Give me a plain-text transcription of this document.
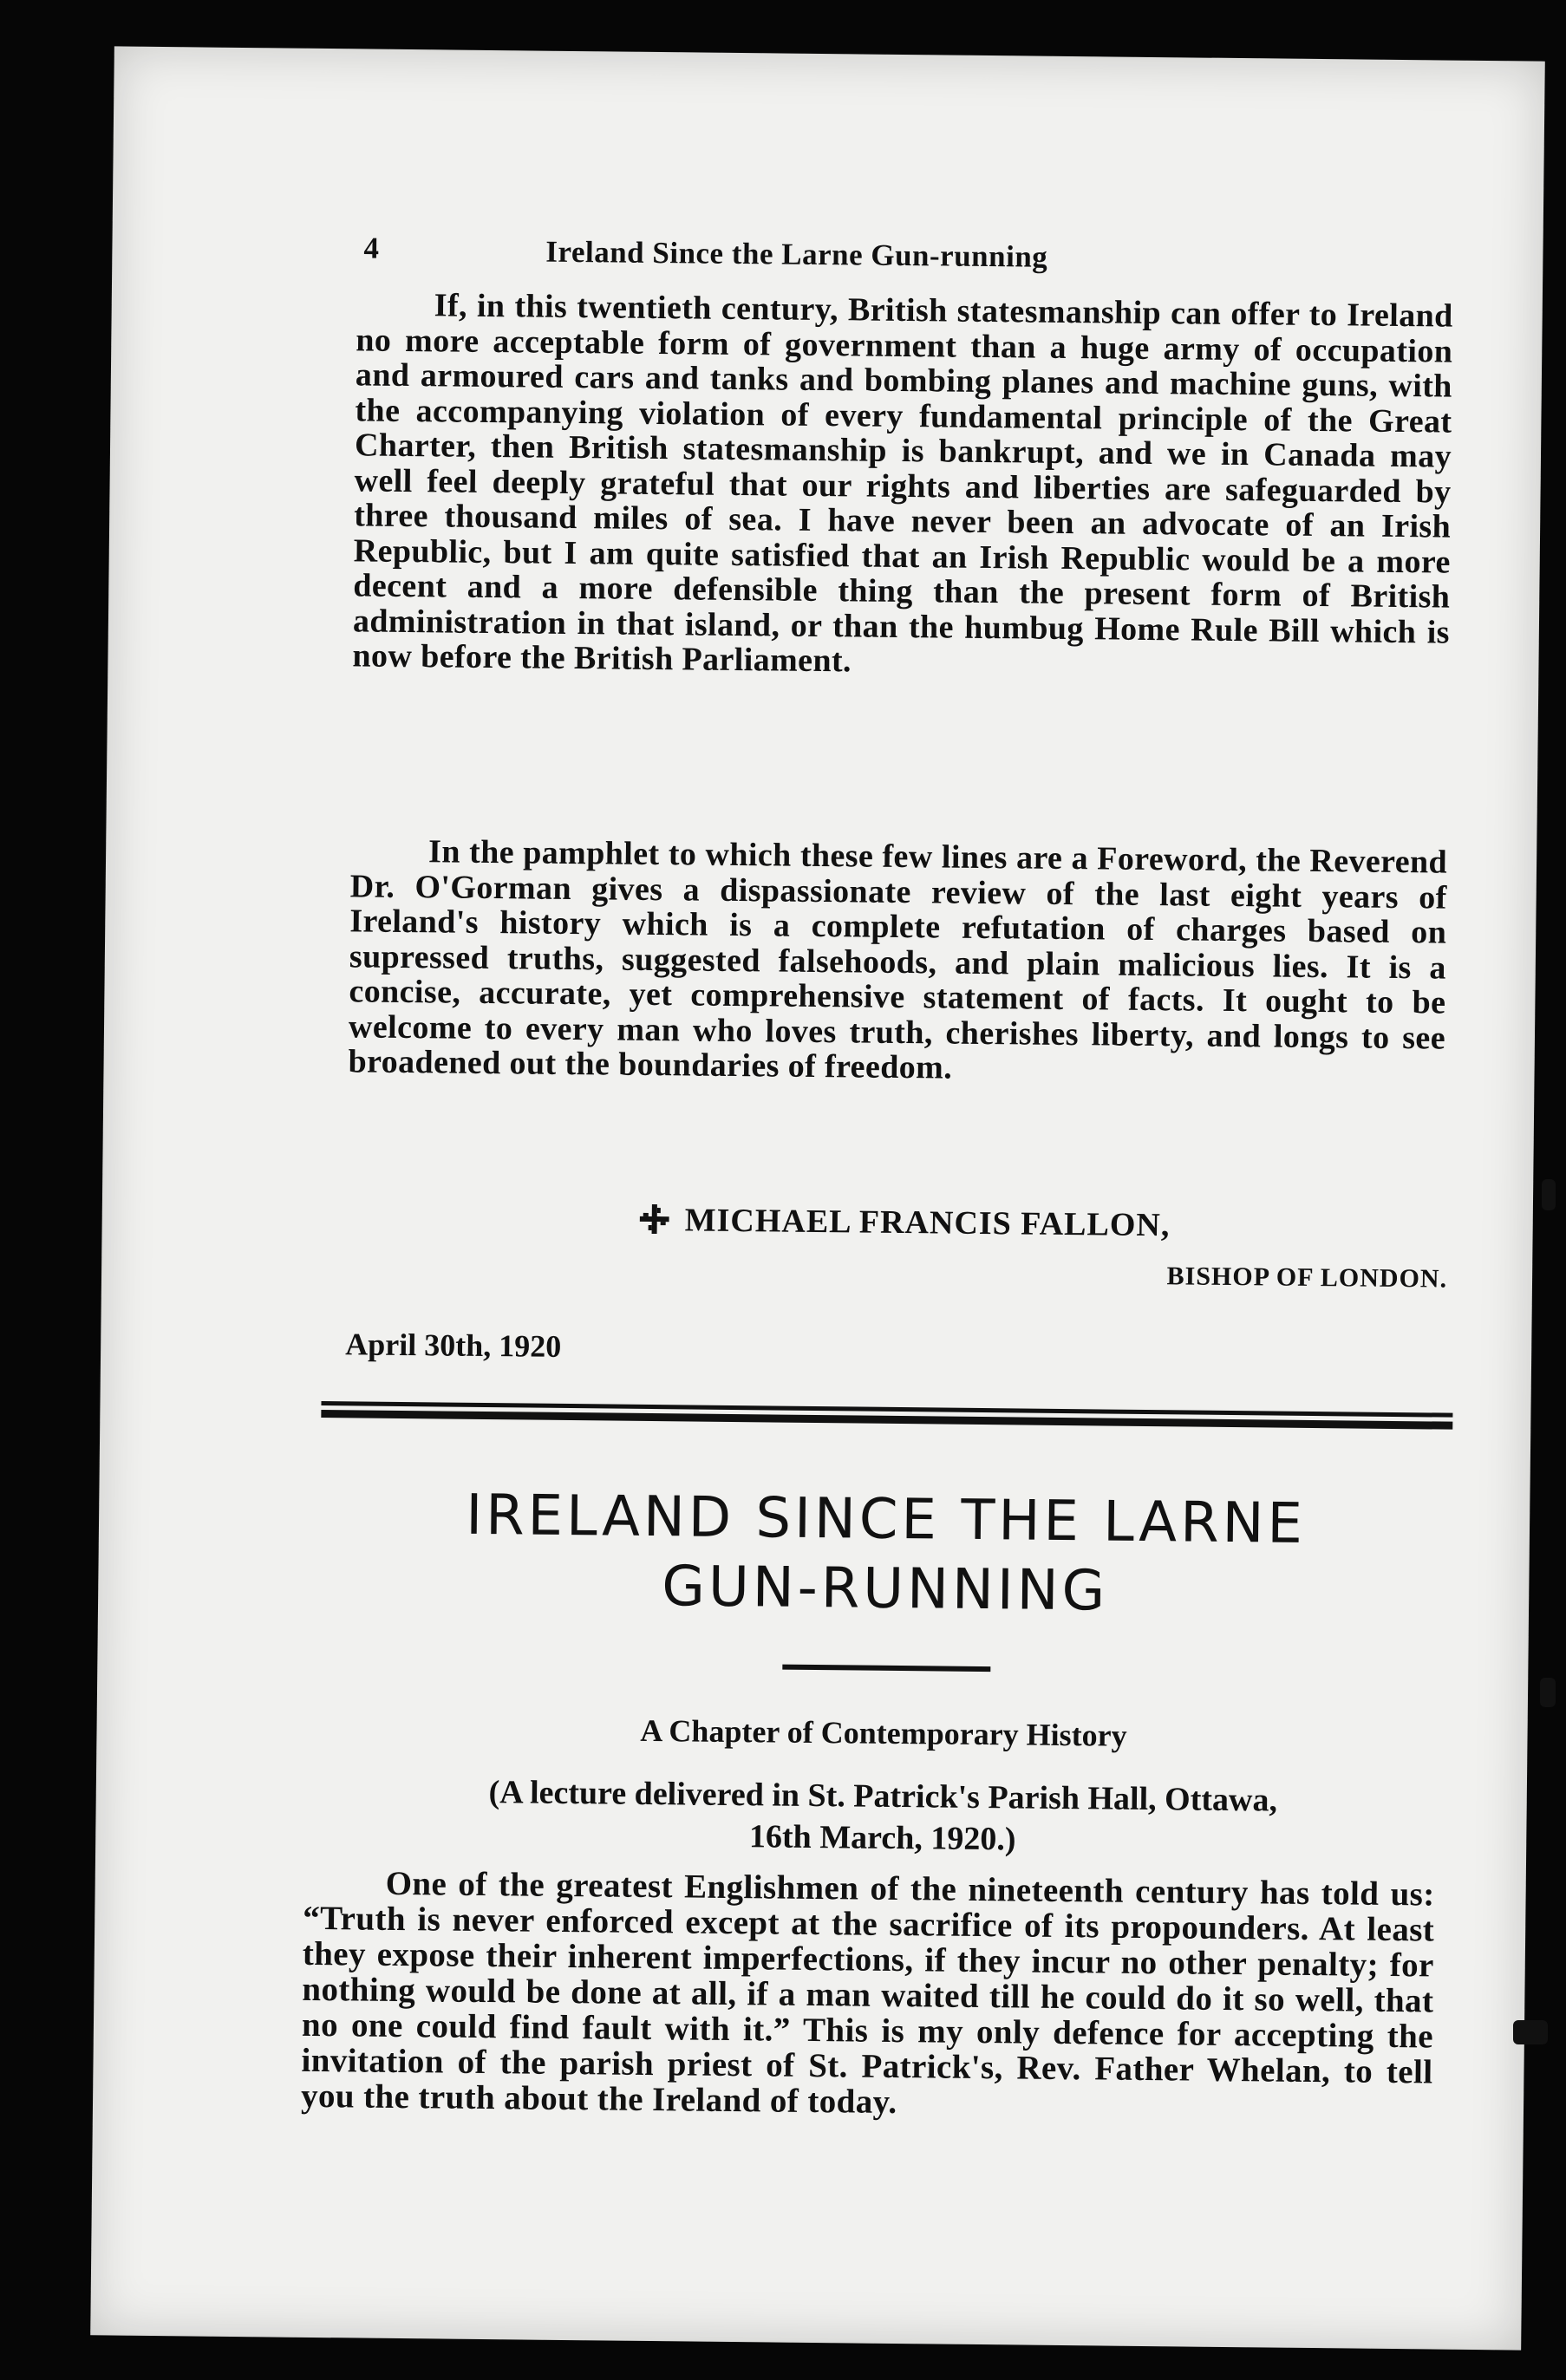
4	Ireland Since the Larne Gun-running

If, in this twentieth century, British statesmanship can offer to Ireland no more acceptable form of government than a huge army of occupation and armoured cars and tanks and bombing planes and machine guns, with the accompanying violation of every fundamental principle of the Great Charter, then British statesmanship is bankrupt, and we in Canada may well feel deeply grateful that our rights and liberties are safeguarded by three thousand miles of sea. I have never been an advocate of an Irish Republic, but I am quite satisfied that an Irish Republic would be a more decent and a more defensible thing than the present form of British administration in that island, or than the humbug Home Rule Bill which is now before the British Parliament.

In the pamphlet to which these few lines are a Foreword, the Reverend Dr. O'Gorman gives a dispassionate review of the last eight years of Ireland's history which is a complete refutation of charges based on supressed truths, suggested falsehoods, and plain malicious lies. It is a concise, accurate, yet comprehensive statement of facts. It ought to be welcome to every man who loves truth, cherishes liberty, and longs to see broadened out the boundaries of freedom.

MICHAEL FRANCIS FALLON,
BISHOP OF LONDON.
April 30th, 1920
IRELAND SINCE THE LARNE
GUN-RUNNING
A Chapter of Contemporary History
(A lecture delivered in St. Patrick's Parish Hall, Ottawa,
16th March, 1920.)

One of the greatest Englishmen of the nineteenth century has told us: “Truth is never enforced except at the sacrifice of its propounders. At least they expose their inherent imperfections, if they incur no other penalty; for nothing would be done at all, if a man waited till he could do it so well, that no one could find fault with it.” This is my only defence for accepting the invitation of the parish priest of St. Patrick's, Rev. Father Whelan, to tell you the truth about the Ireland of today.
